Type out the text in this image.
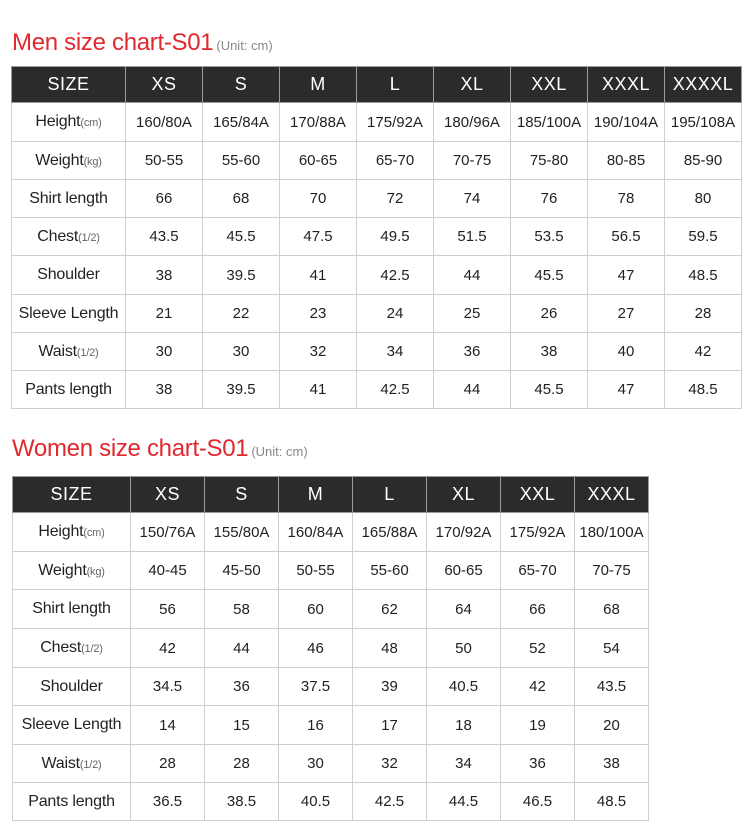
Men size chart-S01 (Unit: cm)
SIZE	XS	S	M	L	XL	XXL	XXXL	XXXXL
Height(cm)	160/80A	165/84A	170/88A	175/92A	180/96A	185/100A	190/104A	195/108A
Weight(kg)	50-55	55-60	60-65	65-70	70-75	75-80	80-85	85-90
Shirt length	66	68	70	72	74	76	78	80
Chest(1/2)	43.5	45.5	47.5	49.5	51.5	53.5	56.5	59.5
Shoulder	38	39.5	41	42.5	44	45.5	47	48.5
Sleeve Length	21	22	23	24	25	26	27	28
Waist(1/2)	30	30	32	34	36	38	40	42
Pants length	38	39.5	41	42.5	44	45.5	47	48.5
Women size chart-S01 (Unit: cm)
SIZE	XS	S	M	L	XL	XXL	XXXL
Height(cm)	150/76A	155/80A	160/84A	165/88A	170/92A	175/92A	180/100A
Weight(kg)	40-45	45-50	50-55	55-60	60-65	65-70	70-75
Shirt length	56	58	60	62	64	66	68
Chest(1/2)	42	44	46	48	50	52	54
Shoulder	34.5	36	37.5	39	40.5	42	43.5
Sleeve Length	14	15	16	17	18	19	20
Waist(1/2)	28	28	30	32	34	36	38
Pants length	36.5	38.5	40.5	42.5	44.5	46.5	48.5
